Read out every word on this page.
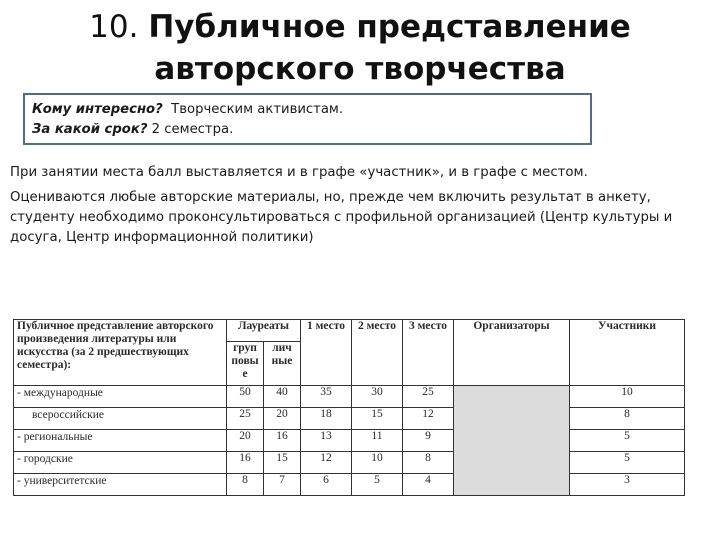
10. Публичное представление
авторского творчества
Кому интересно? Творческим активистам.
За какой срок? 2 семестра.
При занятии места балл выставляется и в графе «участник», и в графе с местом.
Оцениваются любые авторские материалы, но, прежде чем включить результат в анкету, студенту необходимо проконсультироваться с профильной организацией (Центр культуры и досуга, Центр информационной политики)
Публичное представление авторского произведения литературы или искусства (за 2 предшествующих семестра):	Лауреаты		1 место	2 место	3 место	Организаторы	Участники
	груп повы е	лич ные					
- международные	50	40	35	30	25		10
всероссийские	25	20	18	15	12		8
- региональные	20	16	13	11	9		5
- городские	16	15	12	10	8		5
- университетские	8	7	6	5	4		3
